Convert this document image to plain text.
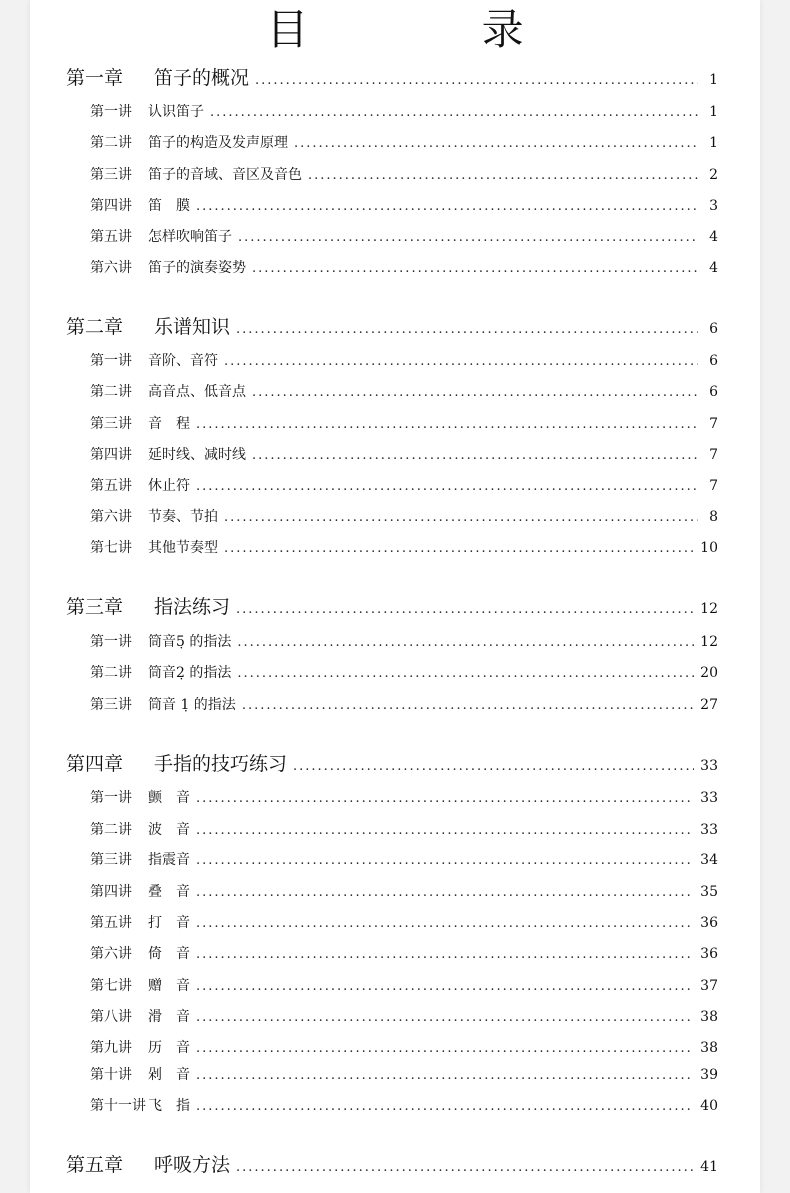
目 录
第一章 笛子的概况 .....	1
第一讲 认识笛子 .....	1
第二讲 笛子的构造及发声原理 .....	1
第三讲 笛子的音域、音区及音色 .....	2
第四讲 笛　膜 .....	3
第五讲 怎样吹响笛子 .....	4
第六讲 笛子的演奏姿势 .....	4
第二章 乐谱知识 .....	6
第一讲 音阶、音符 .....	6
第二讲 高音点、低音点 .....	6
第三讲 音　程 .....	7
第四讲 延时线、减时线 .....	7
第五讲 休止符 .....	7
第六讲 节奏、节拍 .....	8
第七讲 其他节奏型 .....	10
第三章 指法练习 .....	12
第一讲 筒音5̣ 的指法 .....	12
第二讲 筒音2̣ 的指法 .....	20
第三讲 筒音 1̣ 的指法 .....	27
第四章 手指的技巧练习 .....	33
第一讲 颤　音 .....	33
第二讲 波　音 .....	33
第三讲 指震音 .....	34
第四讲 叠　音 .....	35
第五讲 打　音 .....	36
第六讲 倚　音 .....	36
第七讲 赠　音 .....	37
第八讲 滑　音 .....	38
第九讲 历　音 .....	38
第十讲 剁　音 .....	39
第十一讲 飞　指 .....	40
第五章 呼吸方法 .....	41
